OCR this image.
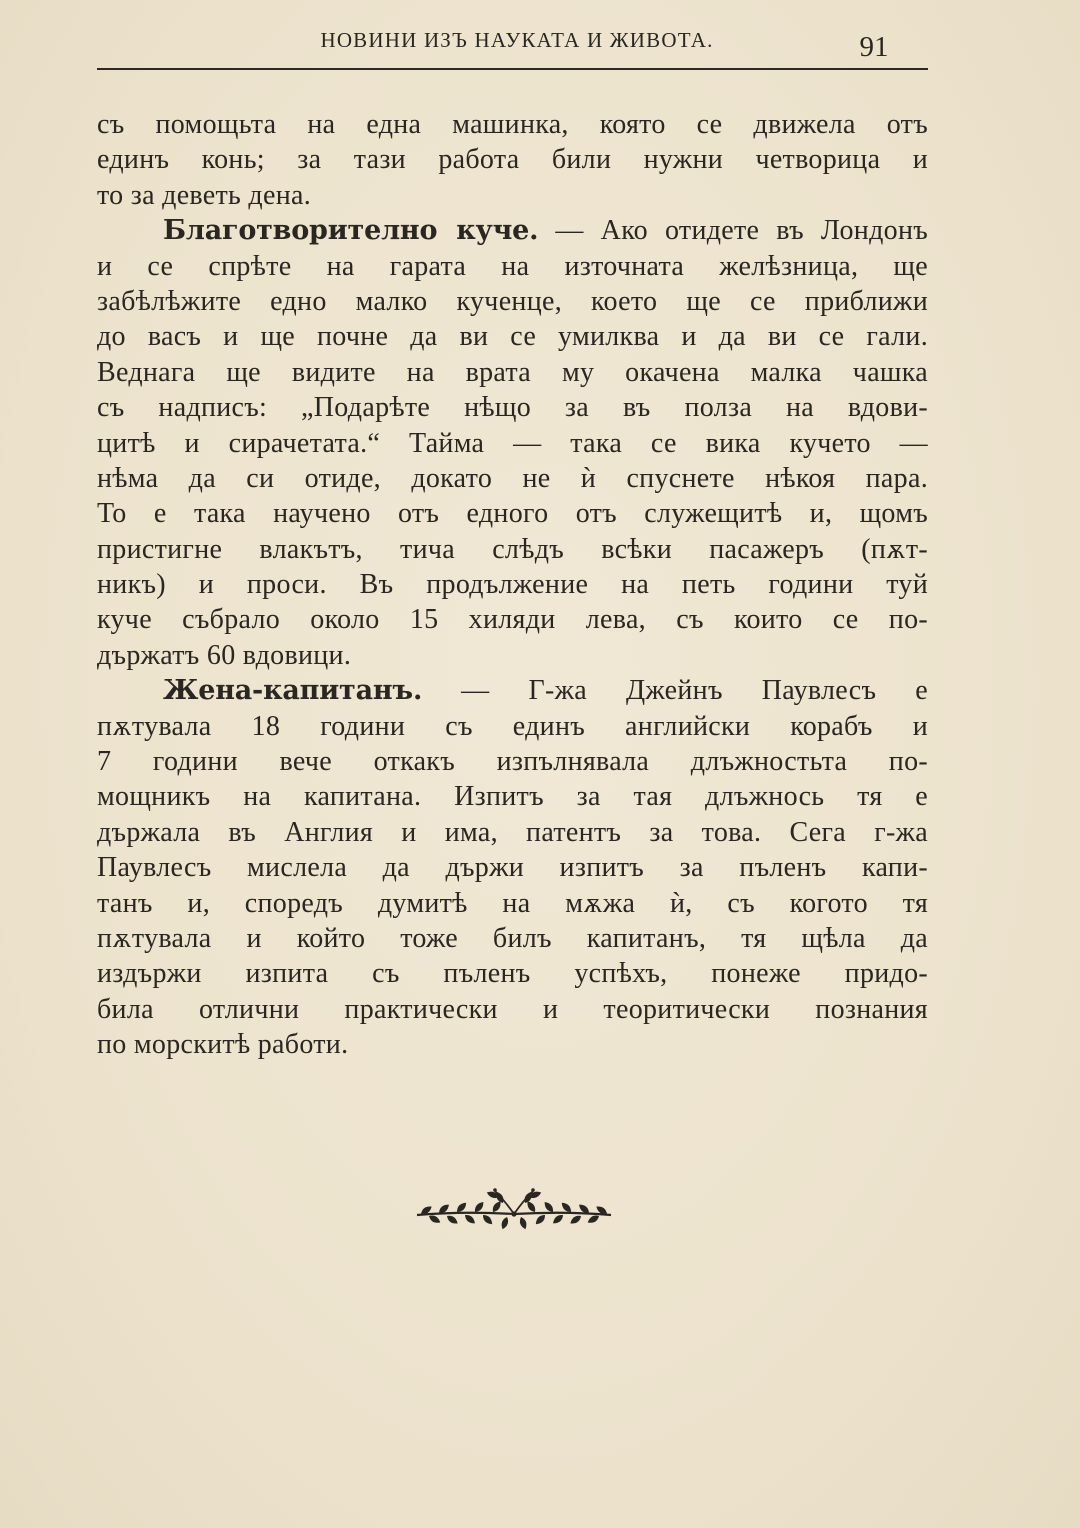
НОВИНИ ИЗЪ НАУКАТА И ЖИВОТА.	91
съ помощьта на една машинка, която се движела отъ
единъ конь; за тази работа били нужни четворица и
то за деветь дена.
Благотворително куче. — Ако отидете въ Лондонъ
и се спрѣте на гарата на източната желѣзница, ще
забѣлѣжите едно малко кученце, което ще се приближи
до васъ и ще почне да ви се умилква и да ви се гали.
Веднага ще видите на врата му окачена малка чашка
съ надписъ: „Подарѣте нѣщо за въ полза на вдови-
цитѣ и сирачетата.“ Тайма — така се вика кучето —
нѣма да си отиде, докато не ѝ спуснете нѣкоя пара.
То е така научено отъ едного отъ служещитѣ и, щомъ
пристигне влакътъ, тича слѣдъ всѣки пасажеръ (пѫт-
никъ) и проси. Въ продължение на петь години туй
куче събрало около 15 хиляди лева, съ които се по-
държатъ 60 вдовици.
Жена-капитанъ. — Г-жа Джейнъ Паувлесъ е
пѫтувала 18 години съ единъ английски корабъ и
7 години вече откакъ изпълнявала длъжностьта по-
мощникъ на капитана. Изпитъ за тая длъжнось тя е
държала въ Англия и има, патентъ за това. Сега г-жа
Паувлесъ мислела да държи изпитъ за пъленъ капи-
танъ и, споредъ думитѣ на мѫжа ѝ, съ когото тя
пѫтувала и който тоже билъ капитанъ, тя щѣла да
издържи изпита съ пъленъ успѣхъ, понеже придо-
била отлични практически и теоритически познания
по морскитѣ работи.
